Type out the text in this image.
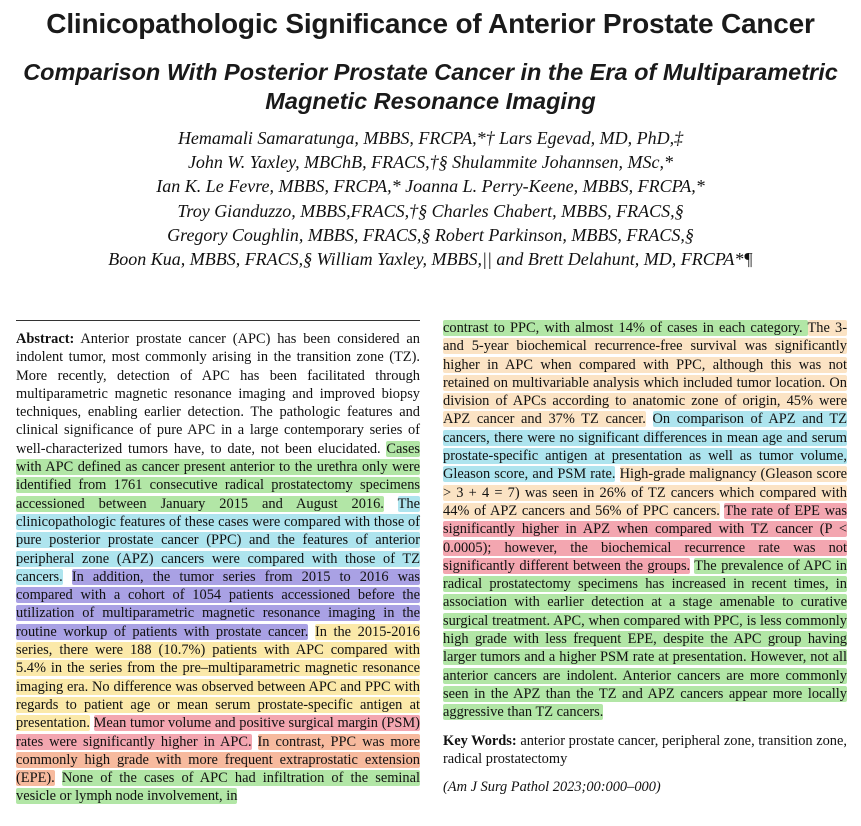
Clinicopathologic Significance of Anterior Prostate Cancer
Comparison With Posterior Prostate Cancer in the Era of Multiparametric
Magnetic Resonance Imaging
Hemamali Samaratunga, MBBS, FRCPA,*† Lars Egevad, MD, PhD,‡
John W. Yaxley, MBChB, FRACS,†§ Shulammite Johannsen, MSc,*
Ian K. Le Fevre, MBBS, FRCPA,* Joanna L. Perry-Keene, MBBS, FRCPA,*
Troy Gianduzzo, MBBS,FRACS,†§ Charles Chabert, MBBS, FRACS,§
Gregory Coughlin, MBBS, FRACS,§ Robert Parkinson, MBBS, FRACS,§
Boon Kua, MBBS, FRACS,§ William Yaxley, MBBS,|| and Brett Delahunt, MD, FRCPA*¶
Abstract: Anterior prostate cancer (APC) has been considered an indolent tumor, most commonly arising in the transition zone (TZ). More recently, detection of APC has been facilitated through multiparametric magnetic resonance imaging and improved biopsy techniques, enabling earlier detection. The pathologic features and clinical significance of pure APC in a large contemporary series of well-characterized tumors have, to date, not been elucidated. Cases with APC defined as cancer present anterior to the urethra only were identified from 1761 consecutive radical prostatectomy specimens accessioned between January 2015 and August 2016. The clinicopathologic features of these cases were compared with those of pure posterior prostate cancer (PPC) and the features of anterior peripheral zone (APZ) cancers were compared with those of TZ cancers. In addition, the tumor series from 2015 to 2016 was compared with a cohort of 1054 patients accessioned before the utilization of multiparametric magnetic resonance imaging in the routine workup of patients with prostate cancer. In the 2015-2016 series, there were 188 (10.7%) patients with APC compared with 5.4% in the series from the pre–multiparametric magnetic resonance imaging era. No difference was observed between APC and PPC with regards to patient age or mean serum prostate-specific antigen at presentation. Mean tumor volume and positive surgical margin (PSM) rates were significantly higher in APC. In contrast, PPC was more commonly high grade with more frequent extraprostatic extension (EPE). None of the cases of APC had infiltration of the seminal vesicle or lymph node involvement, in
contrast to PPC, with almost 14% of cases in each category. The 3- and 5-year biochemical recurrence-free survival was significantly higher in APC when compared with PPC, although this was not retained on multivariable analysis which included tumor location. On division of APCs according to anatomic zone of origin, 45% were APZ cancer and 37% TZ cancer. On comparison of APZ and TZ cancers, there were no significant differences in mean age and serum prostate-specific antigen at presentation as well as tumor volume, Gleason score, and PSM rate. High-grade malignancy (Gleason score > 3 + 4 = 7) was seen in 26% of TZ cancers which compared with 44% of APZ cancers and 56% of PPC cancers. The rate of EPE was significantly higher in APZ when compared with TZ cancer (P < 0.0005); however, the biochemical recurrence rate was not significantly different between the groups. The prevalence of APC in radical prostatectomy specimens has increased in recent times, in association with earlier detection at a stage amenable to curative surgical treatment. APC, when compared with PPC, is less commonly high grade with less frequent EPE, despite the APC group having larger tumors and a higher PSM rate at presentation. However, not all anterior cancers are indolent. Anterior cancers are more commonly seen in the APZ than the TZ and APZ cancers appear more locally aggressive than TZ cancers.
Key Words: anterior prostate cancer, peripheral zone, transition zone, radical prostatectomy
(Am J Surg Pathol 2023;00:000–000)
